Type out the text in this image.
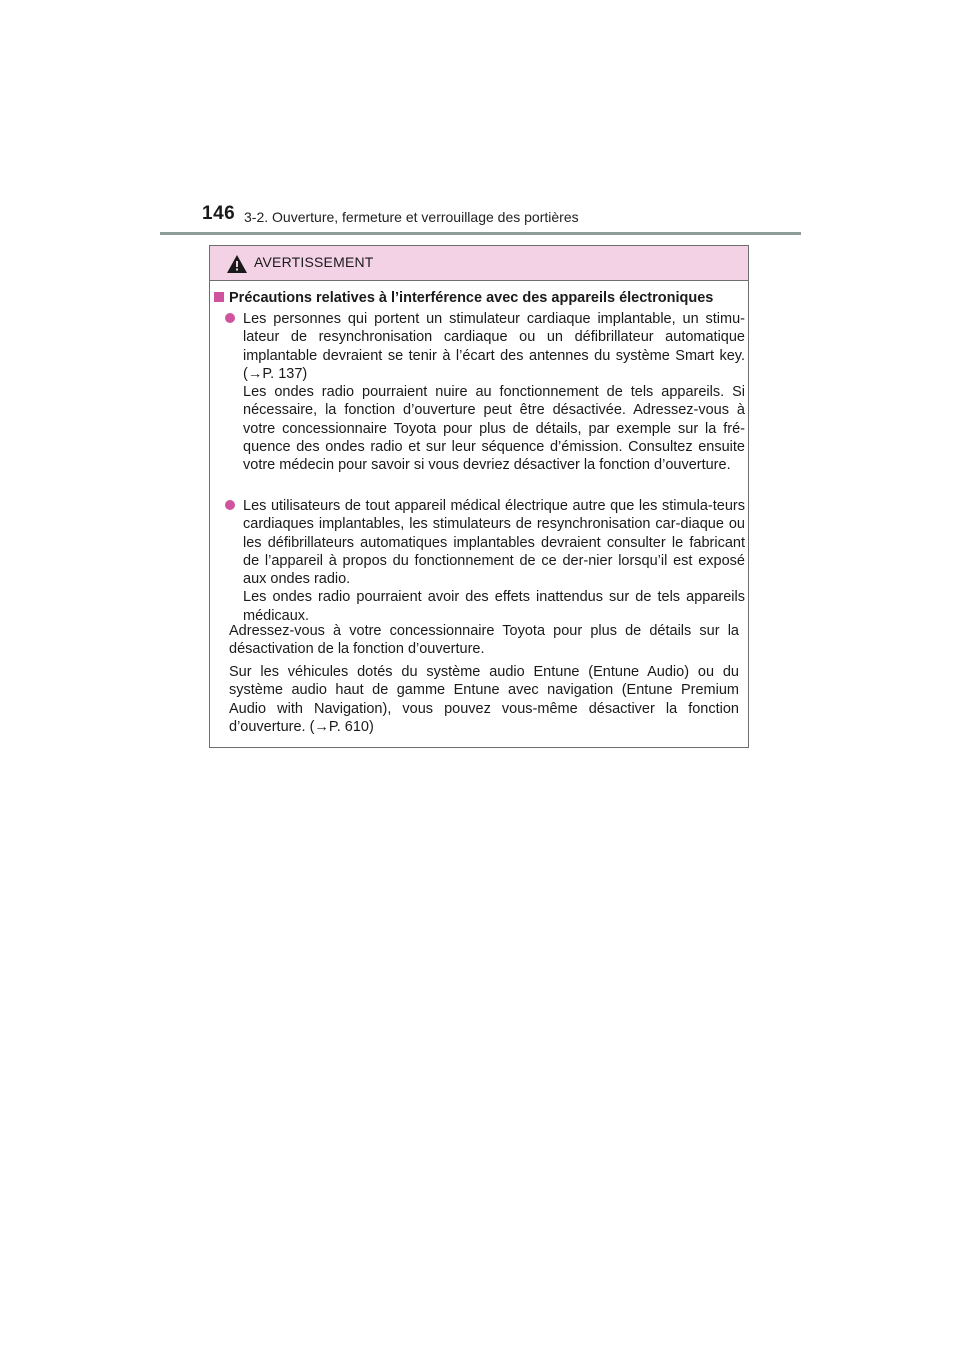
146 3-2. Ouverture, fermeture et verrouillage des portières
AVERTISSEMENT
Précautions relatives à l’interférence avec des appareils électroniques
Les personnes qui portent un stimulateur cardiaque implantable, un stimu-lateur de resynchronisation cardiaque ou un défibrillateur automatique implantable devraient se tenir à l’écart des antennes du système Smart key. (→P. 137)
Les ondes radio pourraient nuire au fonctionnement de tels appareils. Si nécessaire, la fonction d’ouverture peut être désactivée. Adressez-vous à votre concessionnaire Toyota pour plus de détails, par exemple sur la fré-quence des ondes radio et sur leur séquence d’émission. Consultez ensuite votre médecin pour savoir si vous devriez désactiver la fonction d’ouverture.
Les utilisateurs de tout appareil médical électrique autre que les stimula-teurs cardiaques implantables, les stimulateurs de resynchronisation car-diaque ou les défibrillateurs automatiques implantables devraient consulter le fabricant de l’appareil à propos du fonctionnement de ce der-nier lorsqu’il est exposé aux ondes radio.
Les ondes radio pourraient avoir des effets inattendus sur de tels appareils médicaux.
Adressez-vous à votre concessionnaire Toyota pour plus de détails sur la désactivation de la fonction d’ouverture.
Sur les véhicules dotés du système audio Entune (Entune Audio) ou du système audio haut de gamme Entune avec navigation (Entune Premium Audio with Navigation), vous pouvez vous-même désactiver la fonction d’ouverture. (→P. 610)
